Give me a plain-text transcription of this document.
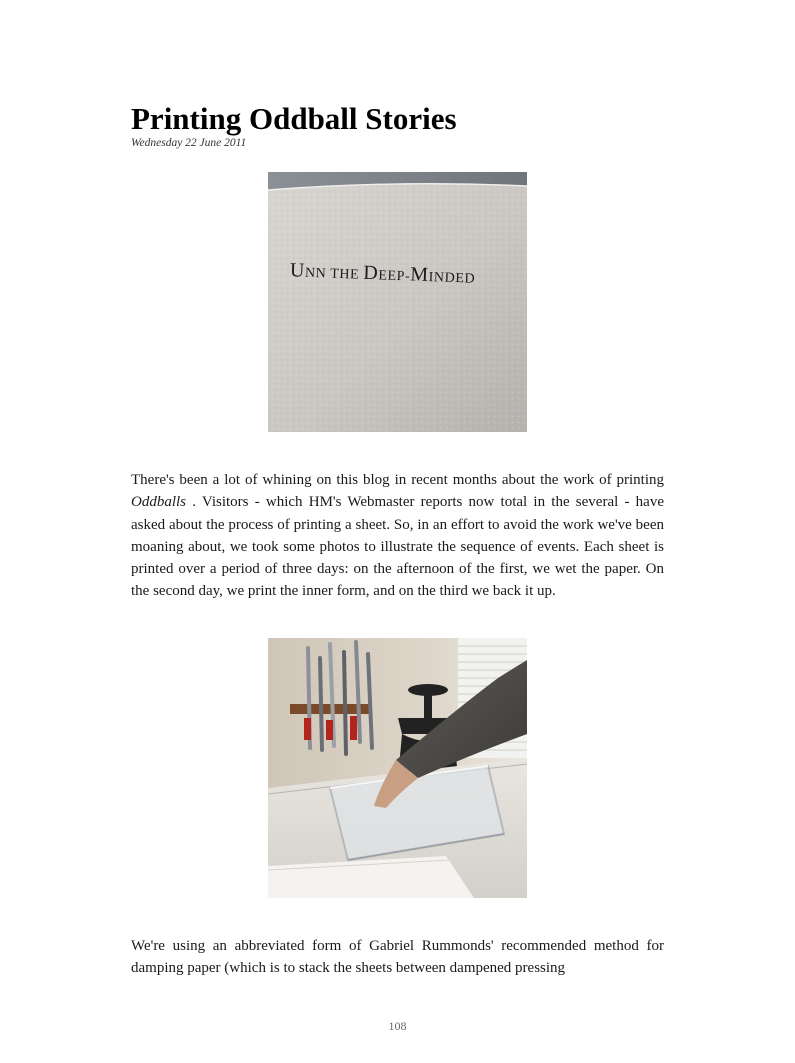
Printing Oddball Stories
Wednesday 22 June 2011
UNN THE DEEP-MINDED

There's been a lot of whining on this blog in recent months about the work of printing Oddballs . Visitors - which HM's Webmaster reports now total in the several - have asked about the process of printing a sheet. So, in an effort to avoid the work we've been moaning about, we took some photos to illustrate the sequence of events. Each sheet is printed over a period of three days: on the afternoon of the first, we wet the paper. On the second day, we print the inner form, and on the third we back it up.

We're using an abbreviated form of Gabriel Rummonds' recommended method for damping paper (which is to stack the sheets between dampened pressing

108
